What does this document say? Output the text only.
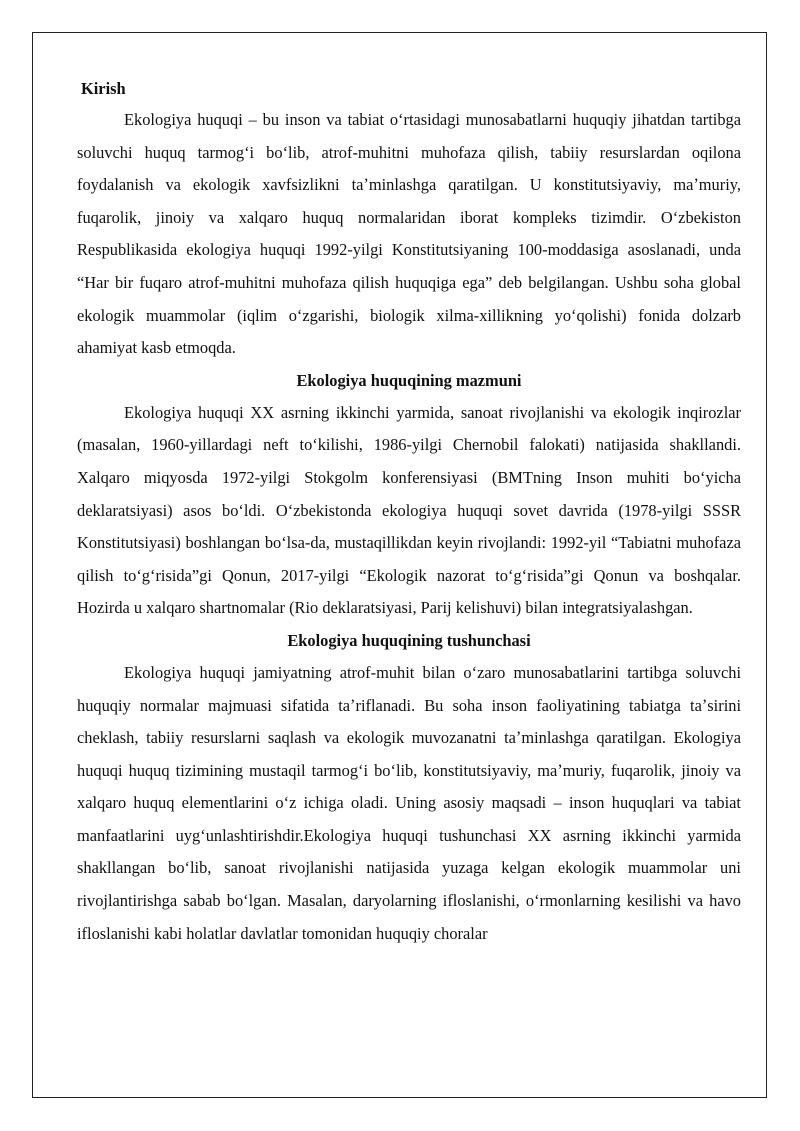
Kirish

Ekologiya huquqi – bu inson va tabiat oʻrtasidagi munosabatlarni huquqiy jihatdan tartibga soluvchi huquq tarmogʻi boʻlib, atrof-muhitni muhofaza qilish, tabiiy resurslardan oqilona foydalanish va ekologik xavfsizlikni taʼminlashga qaratilgan. U konstitutsiyaviy, maʼmuriy, fuqarolik, jinoiy va xalqaro huquq normalaridan iborat kompleks tizimdir. Oʻzbekiston Respublikasida ekologiya huquqi 1992-yilgi Konstitutsiyaning 100-moddasiga asoslanadi, unda “Har bir fuqaro atrof-muhitni muhofaza qilish huquqiga ega” deb belgilangan. Ushbu soha global ekologik muammolar (iqlim oʻzgarishi, biologik xilma-xillikning yoʻqolishi) fonida dolzarb ahamiyat kasb etmoqda.

Ekologiya huquqining mazmuni

Ekologiya huquqi XX asrning ikkinchi yarmida, sanoat rivojlanishi va ekologik inqirozlar (masalan, 1960-yillardagi neft toʻkilishi, 1986-yilgi Chernobil falokati) natijasida shakllandi. Xalqaro miqyosda 1972-yilgi Stokgolm konferensiyasi (BMTning Inson muhiti boʻyicha deklaratsiyasi) asos boʻldi. Oʻzbekistonda ekologiya huquqi sovet davrida (1978-yilgi SSSR Konstitutsiyasi) boshlangan boʻlsa-da, mustaqillikdan keyin rivojlandi: 1992-yil “Tabiatni muhofaza qilish toʻgʻrisida”gi Qonun, 2017-yilgi “Ekologik nazorat toʻgʻrisida”gi Qonun va boshqalar. Hozirda u xalqaro shartnomalar (Rio deklaratsiyasi, Parij kelishuvi) bilan integratsiyalashgan.

Ekologiya huquqining tushunchasi

Ekologiya huquqi jamiyatning atrof-muhit bilan oʻzaro munosabatlarini tartibga soluvchi huquqiy normalar majmuasi sifatida taʼriflanadi. Bu soha inson faoliyatining tabiatga taʼsirini cheklash, tabiiy resurslarni saqlash va ekologik muvozanatni taʼminlashga qaratilgan. Ekologiya huquqi huquq tizimining mustaqil tarmogʻi boʻlib, konstitutsiyaviy, maʼmuriy, fuqarolik, jinoiy va xalqaro huquq elementlarini oʻz ichiga oladi. Uning asosiy maqsadi – inson huquqlari va tabiat manfaatlarini uygʻunlashtirishdir.Ekologiya huquqi tushunchasi XX asrning ikkinchi yarmida shakllangan boʻlib, sanoat rivojlanishi natijasida yuzaga kelgan ekologik muammolar uni rivojlantirishga sabab boʻlgan. Masalan, daryolarning ifloslanishi, oʻrmonlarning kesilishi va havo ifloslanishi kabi holatlar davlatlar tomonidan huquqiy choralar
